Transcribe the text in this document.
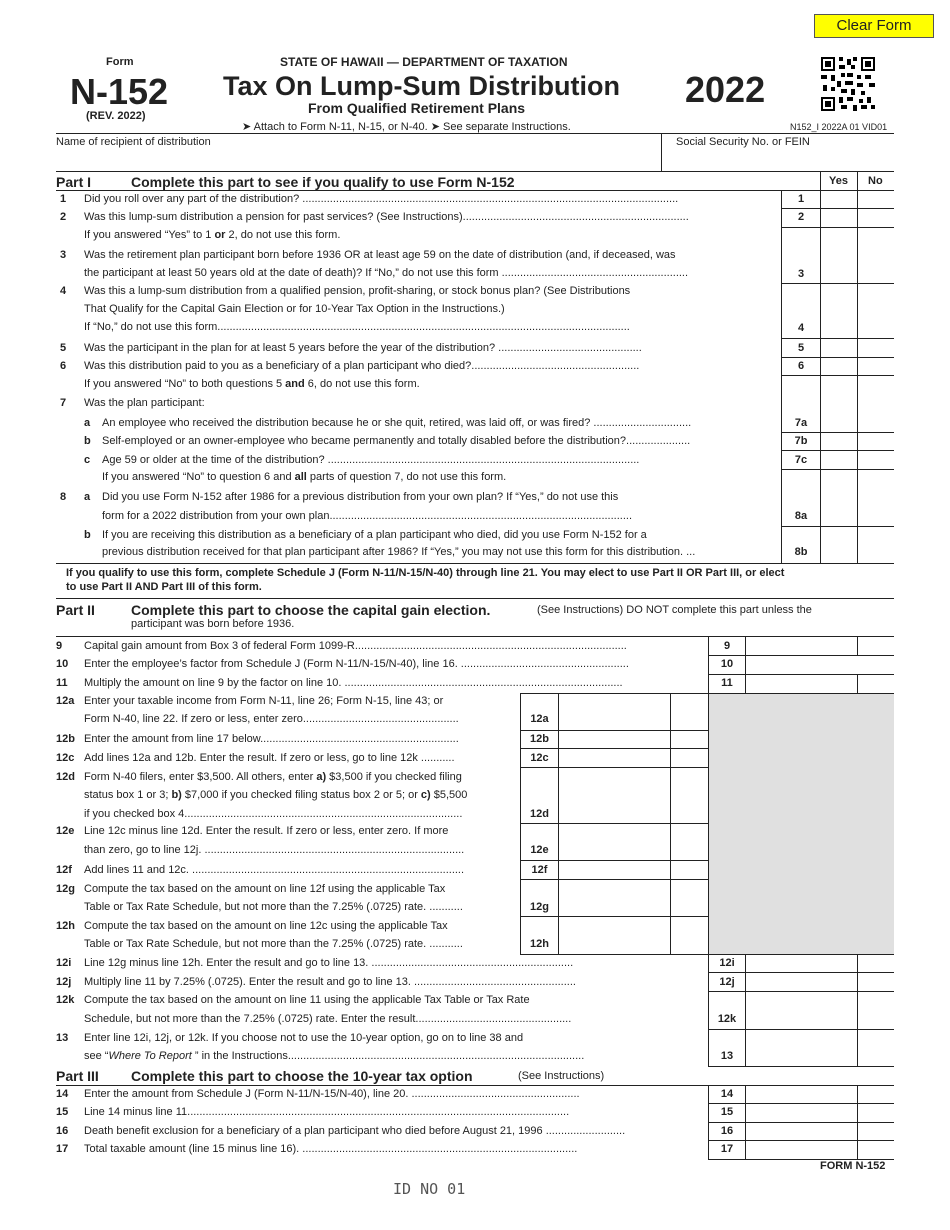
Clear Form
Form
N-152
(REV. 2022)
STATE OF HAWAII — DEPARTMENT OF TAXATION
Tax On Lump-Sum Distribution
From Qualified Retirement Plans
➤ Attach to Form N-11, N-15, or N-40. ➤ See separate Instructions.
2022
N152_I 2022A 01 VID01
Name of recipient of distribution	Social Security No. or FEIN
Part I	Complete this part to see if you qualify to use Form N-152	Yes No
1 Did you roll over any part of the distribution? ...........................................................................................................................	1
2 Was this lump-sum distribution a pension for past services? (See Instructions)..........................................................................	2
If you answered “Yes” to 1 or 2, do not use this form.
3 Was the retirement plan participant born before 1936 OR at least age 59 on the date of distribution (and, if deceased, was
the participant at least 50 years old at the date of death)? If “No,” do not use this form .............................................................	3
4 Was this a lump-sum distribution from a qualified pension, profit-sharing, or stock bonus plan? (See Distributions
That Qualify for the Capital Gain Election or for 10-Year Tax Option in the Instructions.)
If “No,” do not use this form.......................................................................................................................................	4
5 Was the participant in the plan for at least 5 years before the year of the distribution? ...............................................	5
6 Was this distribution paid to you as a beneficiary of a plan participant who died?.......................................................	6
If you answered “No” to both questions 5 and 6, do not use this form.
7 Was the plan participant:
a An employee who received the distribution because he or she quit, retired, was laid off, or was fired? ................................	7a
b Self-employed or an owner-employee who became permanently and totally disabled before the distribution?.....................	7b
c Age 59 or older at the time of the distribution? ......................................................................................................	7c
If you answered “No” to question 6 and all parts of question 7, do not use this form.
8 a Did you use Form N-152 after 1986 for a previous distribution from your own plan? If “Yes,” do not use this
form for a 2022 distribution from your own plan...................................................................................................	8a
b If you are receiving this distribution as a beneficiary of a plan participant who died, did you use Form N-152 for a
previous distribution received for that plan participant after 1986? If “Yes,” you may not use this form for this distribution. ...	8b
If you qualify to use this form, complete Schedule J (Form N-11/N-15/N-40) through line 21. You may elect to use Part II OR Part III, or elect
to use Part II AND Part III of this form.
Part II	Complete this part to choose the capital gain election.	(See Instructions) DO NOT complete this part unless the
participant was born before 1936.
9 Capital gain amount from Box 3 of federal Form 1099-R.........................................................................................	9
10 Enter the employee’s factor from Schedule J (Form N-11/N-15/N-40), line 16. .......................................................	10
11 Multiply the amount on line 9 by the factor on line 10. ...........................................................................................	11
12a Enter your taxable income from Form N-11, line 26; Form N-15, line 43; or
Form N-40, line 22. If zero or less, enter zero...................................................	12a
12b Enter the amount from line 17 below.................................................................	12b
12c Add lines 12a and 12b. Enter the result. If zero or less, go to line 12k ...........	12c
12d Form N-40 filers, enter $3,500. All others, enter a) $3,500 if you checked filing
status box 1 or 3; b) $7,000 if you checked filing status box 2 or 5; or c) $5,500
if you checked box 4...........................................................................................	12d
12e Line 12c minus line 12d. Enter the result. If zero or less, enter zero. If more
than zero, go to line 12j. .....................................................................................	12e
12f Add lines 11 and 12c. .........................................................................................	12f
12g Compute the tax based on the amount on line 12f using the applicable Tax
Table or Tax Rate Schedule, but not more than the 7.25% (.0725) rate. ...........	12g
12h Compute the tax based on the amount on line 12c using the applicable Tax
Table or Tax Rate Schedule, but not more than the 7.25% (.0725) rate. ...........	12h
12i Line 12g minus line 12h. Enter the result and go to line 13. ..................................................................	12i
12j Multiply line 11 by 7.25% (.0725). Enter the result and go to line 13. .....................................................	12j
12k Compute the tax based on the amount on line 11 using the applicable Tax Table or Tax Rate
Schedule, but not more than the 7.25% (.0725) rate. Enter the result...................................................	12k
13 Enter line 12i, 12j, or 12k. If you choose not to use the 10-year option, go on to line 38 and
see “Where To Report ” in the Instructions.................................................................................................	13
Part III Complete this part to choose the 10-year tax option	(See Instructions)
14 Enter the amount from Schedule J (Form N-11/N-15/N-40), line 20. .......................................................	14
15 Line 14 minus line 11.............................................................................................................................	15
16 Death benefit exclusion for a beneficiary of a plan participant who died before August 21, 1996 ..........................	16
17 Total taxable amount (line 15 minus line 16). ..........................................................................................	17
FORM N-152
ID NO 01
